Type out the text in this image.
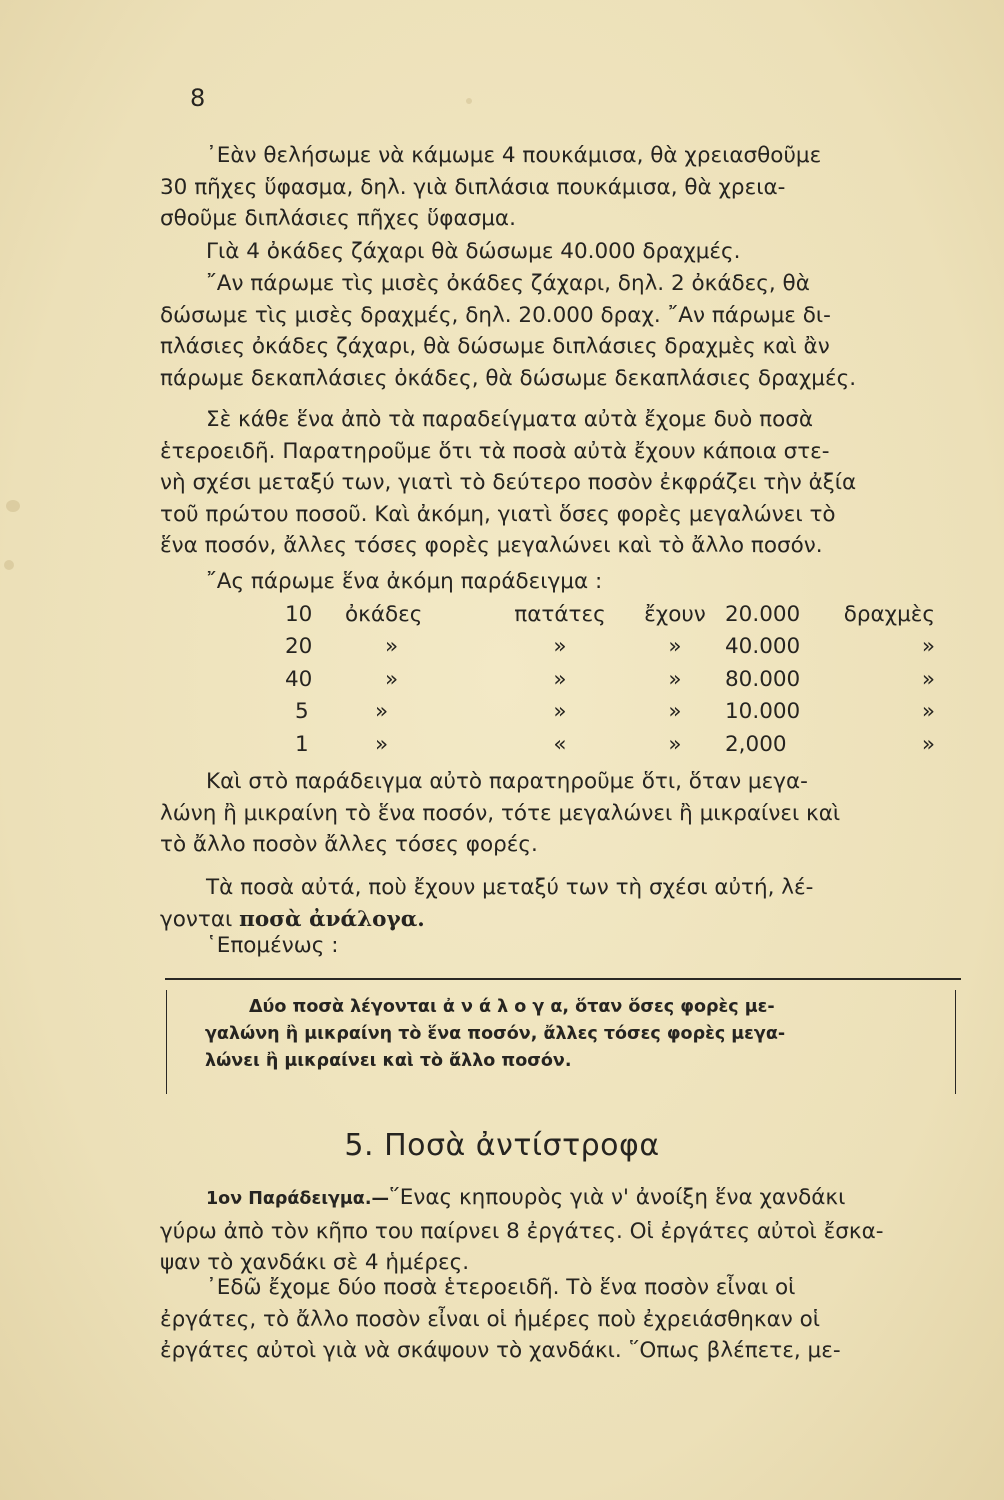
8

᾿Εὰν θελήσωμε νὰ κάμωμε 4 πουκάμισα, θὰ χρειασθοῦμε
30 πῆχες ὕφασμα, δηλ. γιὰ διπλάσια πουκάμισα, θὰ χρεια-
σθοῦμε διπλάσιες πῆχες ὕφασμα.

Γιὰ 4 ὀκάδες ζάχαρι θὰ δώσωμε 40.000 δραχμές.

῎Αν πάρωμε τὶς μισὲς ὀκάδες ζάχαρι, δηλ. 2 ὀκάδες, θὰ
δώσωμε τὶς μισὲς δραχμές, δηλ. 20.000 δραχ. ῎Αν πάρωμε δι-
πλάσιες ὀκάδες ζάχαρι, θὰ δώσωμε διπλάσιες δραχμὲς καὶ ἂν
πάρωμε δεκαπλάσιες ὀκάδες, θὰ δώσωμε δεκαπλάσιες δραχμές.

Σὲ κάθε ἕνα ἀπὸ τὰ παραδείγματα αὐτὰ ἔχομε δυὸ ποσὰ
ἑτεροειδῆ. Παρατηροῦμε ὅτι τὰ ποσὰ αὐτὰ ἔχουν κάποια στε-
νὴ σχέσι μεταξύ των, γιατὶ τὸ δεύτερο ποσὸν ἐκφράζει τὴν ἀξία
τοῦ πρώτου ποσοῦ. Καὶ ἀκόμη, γιατὶ ὅσες φορὲς μεγαλώνει τὸ
ἕνα ποσόν, ἄλλες τόσες φορὲς μεγαλώνει καὶ τὸ ἄλλο ποσόν.

῎Ας πάρωμε ἕνα ἀκόμη παράδειγμα :

10	ὀκάδες	πατάτες	ἔχουν	20.000	δραχμὲς
20	»	»	»	40.000	»
40	»	»	»	80.000	»
5	»	»	»	10.000	»
1	»	«	»	2,000	»

Καὶ στὸ παράδειγμα αὐτὸ παρατηροῦμε ὅτι, ὅταν μεγα-
λώνη ἢ μικραίνη τὸ ἕνα ποσόν, τότε μεγαλώνει ἢ μικραίνει καὶ
τὸ ἄλλο ποσὸν ἄλλες τόσες φορές.

Τὰ ποσὰ αὐτά, ποὺ ἔχουν μεταξύ των τὴ σχέσι αὐτή, λέ-
γονται ποσὰ ἀνάλογα.

῾Επομένως :

Δύο ποσὰ λέγονται ἀ ν ά λ ο γ α, ὅταν ὅσες φορὲς με-
γαλώνη ἢ μικραίνη τὸ ἕνα ποσόν, ἄλλες τόσες φορὲς μεγα-
λώνει ἢ μικραίνει καὶ τὸ ἄλλο ποσόν.
5. Ποσὰ ἀντίστροφα

1ον Παράδειγμα.—῞Ενας κηπουρὸς γιὰ ν' ἀνοίξη ἕνα χανδάκι
γύρω ἀπὸ τὸν κῆπο του παίρνει 8 ἐργάτες. Οἱ ἐργάτες αὐτοὶ ἔσκα-
ψαν τὸ χανδάκι σὲ 4 ἡμέρες.

᾿Εδῶ ἔχομε δύο ποσὰ ἑτεροειδῆ. Τὸ ἕνα ποσὸν εἶναι οἱ
ἐργάτες, τὸ ἄλλο ποσὸν εἶναι οἱ ἡμέρες ποὺ ἐχρειάσθηκαν οἱ
ἐργάτες αὐτοὶ γιὰ νὰ σκάψουν τὸ χανδάκι. ῞Οπως βλέπετε, με-
